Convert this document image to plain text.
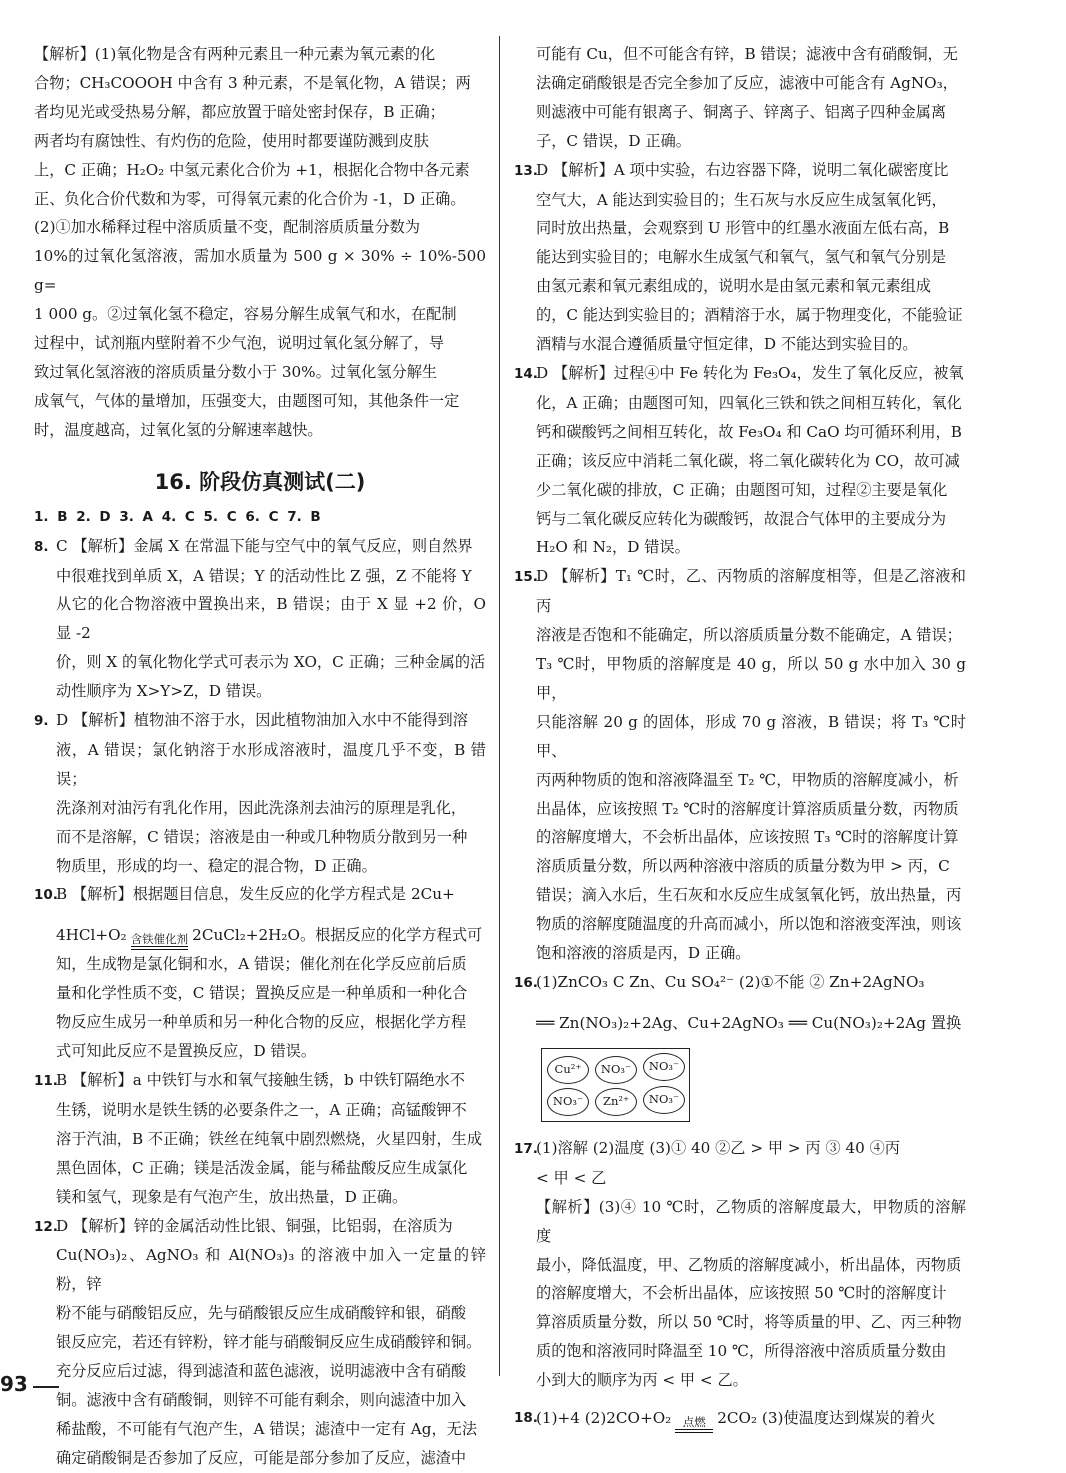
【解析】(1)氧化物是含有两种元素且一种元素为氧元素的化
合物；CH₃COOOH 中含有 3 种元素，不是氧化物，A 错误；两
者均见光或受热易分解，都应放置于暗处密封保存，B 正确；
两者均有腐蚀性、有灼伤的危险，使用时都要谨防溅到皮肤
上，C 正确；H₂O₂ 中氢元素化合价为 +1，根据化合物中各元素
正、负化合价代数和为零，可得氧元素的化合价为 -1，D 正确。
(2)①加水稀释过程中溶质质量不变，配制溶质质量分数为
10%的过氧化氢溶液，需加水质量为 500 g × 30% ÷ 10%-500 g=
1 000 g。②过氧化氢不稳定，容易分解生成氧气和水，在配制
过程中，试剂瓶内壁附着不少气泡，说明过氧化氢分解了，导
致过氧化氢溶液的溶质质量分数小于 30%。过氧化氢分解生
成氧气，气体的量增加，压强变大，由题图可知，其他条件一定
时，温度越高，过氧化氢的分解速率越快。
16. 阶段仿真测试(二)
1. B 2. D 3. A 4. C 5. C 6. C 7. B
8. C 【解析】金属 X 在常温下能与空气中的氧气反应，则自然界
中很难找到单质 X，A 错误；Y 的活动性比 Z 强，Z 不能将 Y
从它的化合物溶液中置换出来，B 错误；由于 X 显 +2 价，O 显 -2
价，则 X 的氧化物化学式可表示为 XO，C 正确；三种金属的活
动性顺序为 X>Y>Z，D 错误。
9. D 【解析】植物油不溶于水，因此植物油加入水中不能得到溶
液，A 错误；氯化钠溶于水形成溶液时，温度几乎不变，B 错误；
洗涤剂对油污有乳化作用，因此洗涤剂去油污的原理是乳化，
而不是溶解，C 错误；溶液是由一种或几种物质分散到另一种
物质里，形成的均一、稳定的混合物，D 正确。
10.B 【解析】根据题目信息，发生反应的化学方程式是 2Cu+
4HCl+O₂ 含铁催化剂 2CuCl₂+2H₂O。根据反应的化学方程式可
知，生成物是氯化铜和水，A 错误；催化剂在化学反应前后质
量和化学性质不变，C 错误；置换反应是一种单质和一种化合
物反应生成另一种单质和另一种化合物的反应，根据化学方程
式可知此反应不是置换反应，D 错误。
11.B 【解析】a 中铁钉与水和氧气接触生锈，b 中铁钉隔绝水不
生锈，说明水是铁生锈的必要条件之一，A 正确；高锰酸钾不
溶于汽油，B 不正确；铁丝在纯氧中剧烈燃烧，火星四射，生成
黑色固体，C 正确；镁是活泼金属，能与稀盐酸反应生成氯化
镁和氢气，现象是有气泡产生，放出热量，D 正确。
12.D 【解析】锌的金属活动性比银、铜强，比铝弱，在溶质为
Cu(NO₃)₂、AgNO₃ 和 Al(NO₃)₃ 的溶液中加入一定量的锌粉，锌
粉不能与硝酸铝反应，先与硝酸银反应生成硝酸锌和银，硝酸
银反应完，若还有锌粉，锌才能与硝酸铜反应生成硝酸锌和铜。
充分反应后过滤，得到滤渣和蓝色滤液，说明滤液中含有硝酸
铜。滤液中含有硝酸铜，则锌不可能有剩余，则向滤渣中加入
稀盐酸，不可能有气泡产生，A 错误；滤渣中一定有 Ag，无法
确定硝酸铜是否参加了反应，可能是部分参加了反应，滤渣中
可能有 Cu，但不可能含有锌，B 错误；滤液中含有硝酸铜，无
法确定硝酸银是否完全参加了反应，滤液中可能含有 AgNO₃，
则滤液中可能有银离子、铜离子、锌离子、铝离子四种金属离
子，C 错误，D 正确。
13.D 【解析】A 项中实验，右边容器下降，说明二氧化碳密度比
空气大，A 能达到实验目的；生石灰与水反应生成氢氧化钙，
同时放出热量，会观察到 U 形管中的红墨水液面左低右高，B
能达到实验目的；电解水生成氢气和氧气，氢气和氧气分别是
由氢元素和氧元素组成的，说明水是由氢元素和氧元素组成
的，C 能达到实验目的；酒精溶于水，属于物理变化，不能验证
酒精与水混合遵循质量守恒定律，D 不能达到实验目的。
14.D 【解析】过程④中 Fe 转化为 Fe₃O₄，发生了氧化反应，被氧
化，A 正确；由题图可知，四氧化三铁和铁之间相互转化，氧化
钙和碳酸钙之间相互转化，故 Fe₃O₄ 和 CaO 均可循环利用，B
正确；该反应中消耗二氧化碳，将二氧化碳转化为 CO，故可减
少二氧化碳的排放，C 正确；由题图可知，过程②主要是氧化
钙与二氧化碳反应转化为碳酸钙，故混合气体甲的主要成分为
H₂O 和 N₂，D 错误。
15.D 【解析】T₁ ℃时，乙、丙物质的溶解度相等，但是乙溶液和丙
溶液是否饱和不能确定，所以溶质质量分数不能确定，A 错误；
T₃ ℃时，甲物质的溶解度是 40 g，所以 50 g 水中加入 30 g 甲，
只能溶解 20 g 的固体，形成 70 g 溶液，B 错误；将 T₃ ℃时甲、
丙两种物质的饱和溶液降温至 T₂ ℃，甲物质的溶解度减小，析
出晶体，应该按照 T₂ ℃时的溶解度计算溶质质量分数，丙物质
的溶解度增大，不会析出晶体，应该按照 T₃ ℃时的溶解度计算
溶质质量分数，所以两种溶液中溶质的质量分数为甲 > 丙，C
错误；滴入水后，生石灰和水反应生成氢氧化钙，放出热量，丙
物质的溶解度随温度的升高而减小，所以饱和溶液变浑浊，则该
饱和溶液的溶质是丙，D 正确。
16.(1)ZnCO₃ C Zn、Cu SO₄²⁻ (2)①不能 ② Zn+2AgNO₃
══ Zn(NO₃)₂+2Ag、Cu+2AgNO₃ ══ Cu(NO₃)₂+2Ag 置换
Cu²⁺	NO₃⁻	NO₃⁻
NO₃⁻	Zn²⁺	NO₃⁻
17.(1)溶解 (2)温度 (3)① 40 ②乙 > 甲 > 丙 ③ 40 ④丙
< 甲 < 乙
【解析】(3)④ 10 ℃时，乙物质的溶解度最大，甲物质的溶解度
最小，降低温度，甲、乙物质的溶解度减小，析出晶体，丙物质
的溶解度增大，不会析出晶体，应该按照 50 ℃时的溶解度计
算溶质质量分数，所以 50 ℃时，将等质量的甲、乙、丙三种物
质的饱和溶液同时降温至 10 ℃，所得溶液中溶质质量分数由
小到大的顺序为丙 < 甲 < 乙。
18.
(1)+4 (2)2CO+O₂ 点燃 2CO₂ (3)使温度达到煤炭的着火
93
